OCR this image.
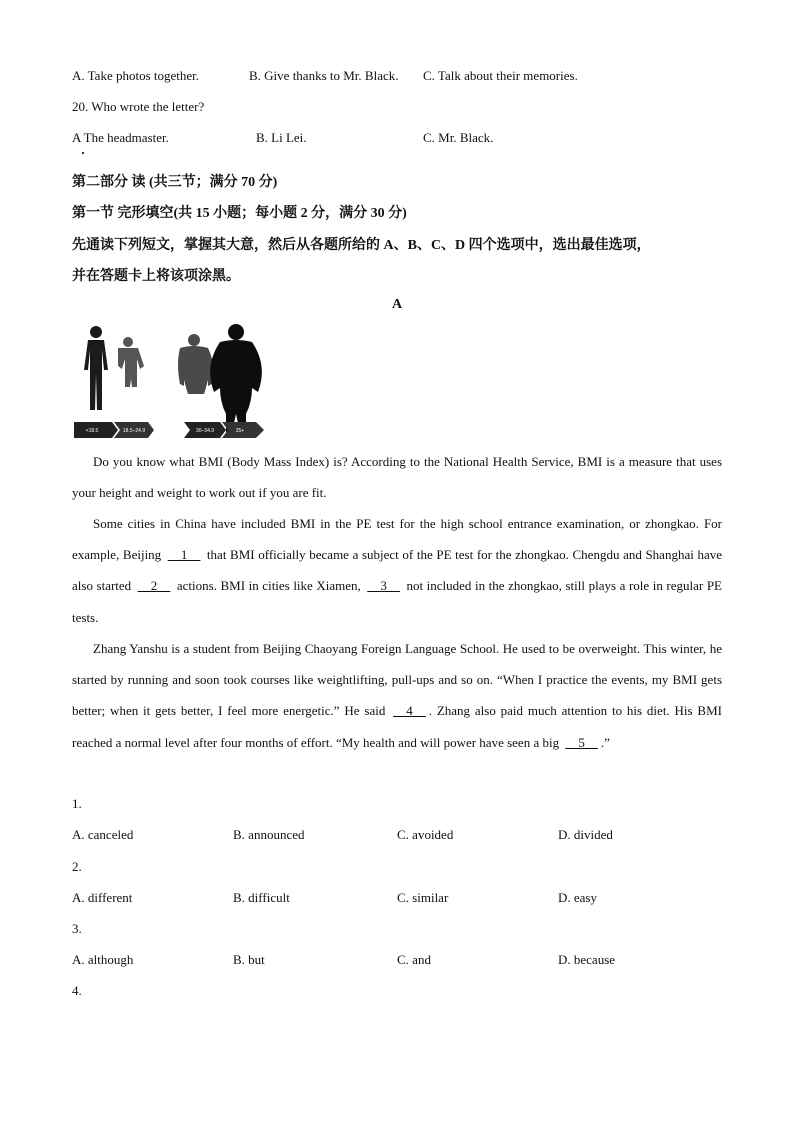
A. Take photos together.	B. Give thanks to Mr. Black. C. Talk about their memories.
20. Who wrote the letter?
A The headmaster.	B. Li Lei.	C. Mr. Black.
第二部分 读 (共三节；满分 70 分)
第一节 完形填空(共 15 小题；每小题 2 分，满分 30 分)
先通读下列短文，掌握其大意，然后从各题所给的 A、B、C、D 四个选项中，选出最佳选项，
并在答题卡上将该项涂黑。
A
<18.5	18.5–24.9	30–34.9	35+
Do you know what BMI (Body Mass Index) is? According to the National Health Service, BMI is a measure that uses your height and weight to work out if you are fit.
Some cities in China have included BMI in the PE test for the high school entrance examination, or zhongkao. For example, Beijing __1__ that BMI officially became a subject of the PE test for the zhongkao. Chengdu and Shanghai have also started __2__ actions. BMI in cities like Xiamen, __3__ not included in the zhongkao, still plays a role in regular PE tests.
Zhang Yanshu is a student from Beijing Chaoyang Foreign Language School. He used to be overweight. This winter, he started by running and soon took courses like weightlifting, pull-ups and so on. “When I practice the events, my BMI gets better; when it gets better, I feel more energetic.” He said __4__ . Zhang also paid much attention to his diet. His BMI reached a normal level after four months of effort. “My health and will power have seen a big __5__ .”
1.
A. canceled	B. announced	C. avoided	D. divided
2.
A. different	B. difficult	C. similar	D. easy
3.
A. although	B. but	C. and	D. because
4.
